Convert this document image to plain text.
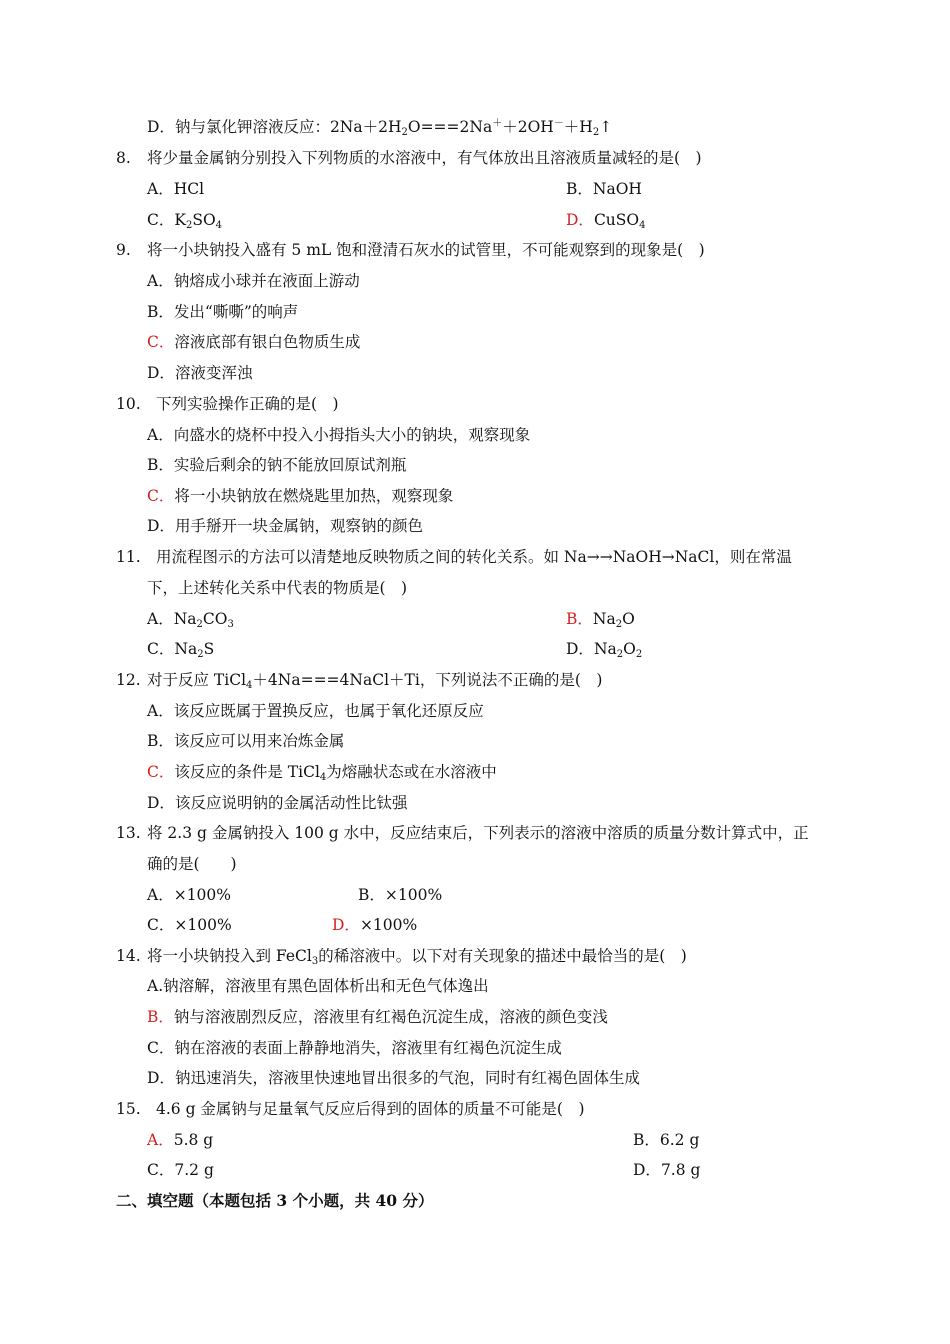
D．钠与氯化钾溶液反应：$2Na+2H_2O===2Na^++2OH^-+H_2↑$
8. 将少量金属钠分别投入下列物质的水溶液中，有气体放出且溶液质量减轻的是(　)
A．HCl	B．NaOH
C．$K_2SO_4$	D．CuSO$_4$
9. 将一小块钠投入盛有 5 mL 饱和澄清石灰水的试管里，不可能观察到的现象是(　)
A．钠熔成小球并在液面上游动
B．发出“嘶嘶”的响声
C．溶液底部有银白色物质生成
D．溶液变浑浊
10. 下列实验操作正确的是(　)
A．向盛水的烧杯中投入小拇指头大小的钠块，观察现象
B．实验后剩余的钠不能放回原试剂瓶
C．将一小块钠放在燃烧匙里加热，观察现象
D．用手掰开一块金属钠，观察钠的颜色
11. 用流程图示的方法可以清楚地反映物质之间的转化关系。如 Na→→NaOH→NaCl，则在常温
下，上述转化关系中代表的物质是(　)
A．$Na_2CO_3$	B．$Na_2O$
C．$Na_2S$	D．$Na_2O_2$
12. 对于反应 TiCl$_4$＋4Na===4NaCl＋Ti，下列说法不正确的是(　)
A．该反应既属于置换反应，也属于氧化还原反应
B．该反应可以用来冶炼金属
C．该反应的条件是 TiCl$_4$为熔融状态或在水溶液中
D．该反应说明钠的金属活动性比钛强
13. 将 2.3 g 金属钠投入 100 g 水中，反应结束后，下列表示的溶液中溶质的质量分数计算式中，正
确的是(　　)
A．×100%	B．×100%
C．×100%	D．×100%
14. 将一小块钠投入到 FeCl$_3$的稀溶液中。以下对有关现象的描述中最恰当的是(　)
A.钠溶解，溶液里有黑色固体析出和无色气体逸出
B．钠与溶液剧烈反应，溶液里有红褐色沉淀生成，溶液的颜色变浅
C．钠在溶液的表面上静静地消失，溶液里有红褐色沉淀生成
D．钠迅速消失，溶液里快速地冒出很多的气泡，同时有红褐色固体生成
15. 4.6 g 金属钠与足量氧气反应后得到的固体的质量不可能是(　)
A．5.8 g	B．6.2 g
C．7.2 g	D．7.8 g
二、填空题（本题包括 3 个小题，共 40 分）
